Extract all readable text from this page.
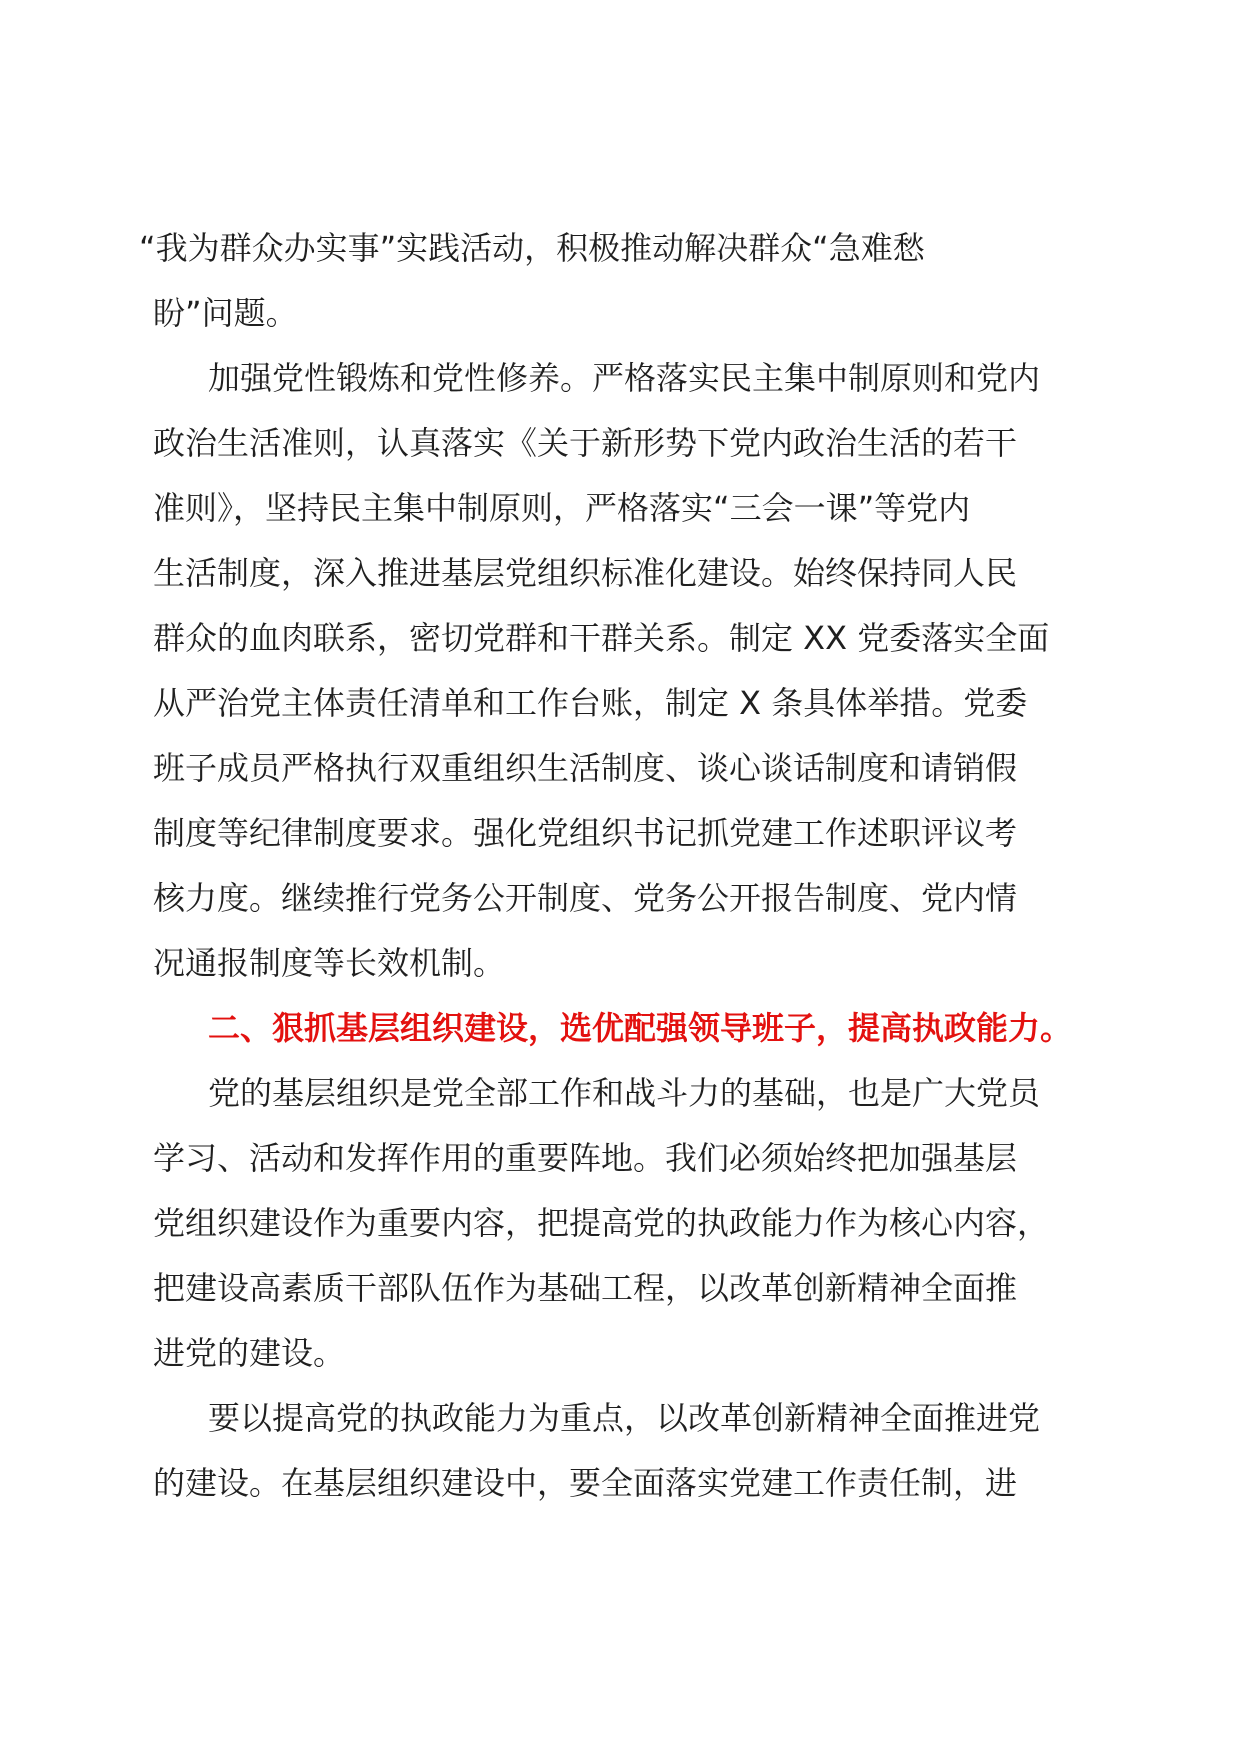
“我为群众办实事”实践活动，积极推动解决群众“急难愁
盼”问题。
加强党性锻炼和党性修养。严格落实民主集中制原则和党内
政治生活准则，认真落实《关于新形势下党内政治生活的若干
准则》，坚持民主集中制原则，严格落实“三会一课”等党内
生活制度，深入推进基层党组织标准化建设。始终保持同人民
群众的血肉联系，密切党群和干群关系。制定 XX 党委落实全面
从严治党主体责任清单和工作台账，制定 X 条具体举措。党委
班子成员严格执行双重组织生活制度、谈心谈话制度和请销假
制度等纪律制度要求。强化党组织书记抓党建工作述职评议考
核力度。继续推行党务公开制度、党务公开报告制度、党内情
况通报制度等长效机制。
二、狠抓基层组织建设，选优配强领导班子，提高执政能力。
党的基层组织是党全部工作和战斗力的基础，也是广大党员
学习、活动和发挥作用的重要阵地。我们必须始终把加强基层
党组织建设作为重要内容，把提高党的执政能力作为核心内容，
把建设高素质干部队伍作为基础工程，以改革创新精神全面推
进党的建设。
要以提高党的执政能力为重点，以改革创新精神全面推进党
的建设。在基层组织建设中，要全面落实党建工作责任制，进
